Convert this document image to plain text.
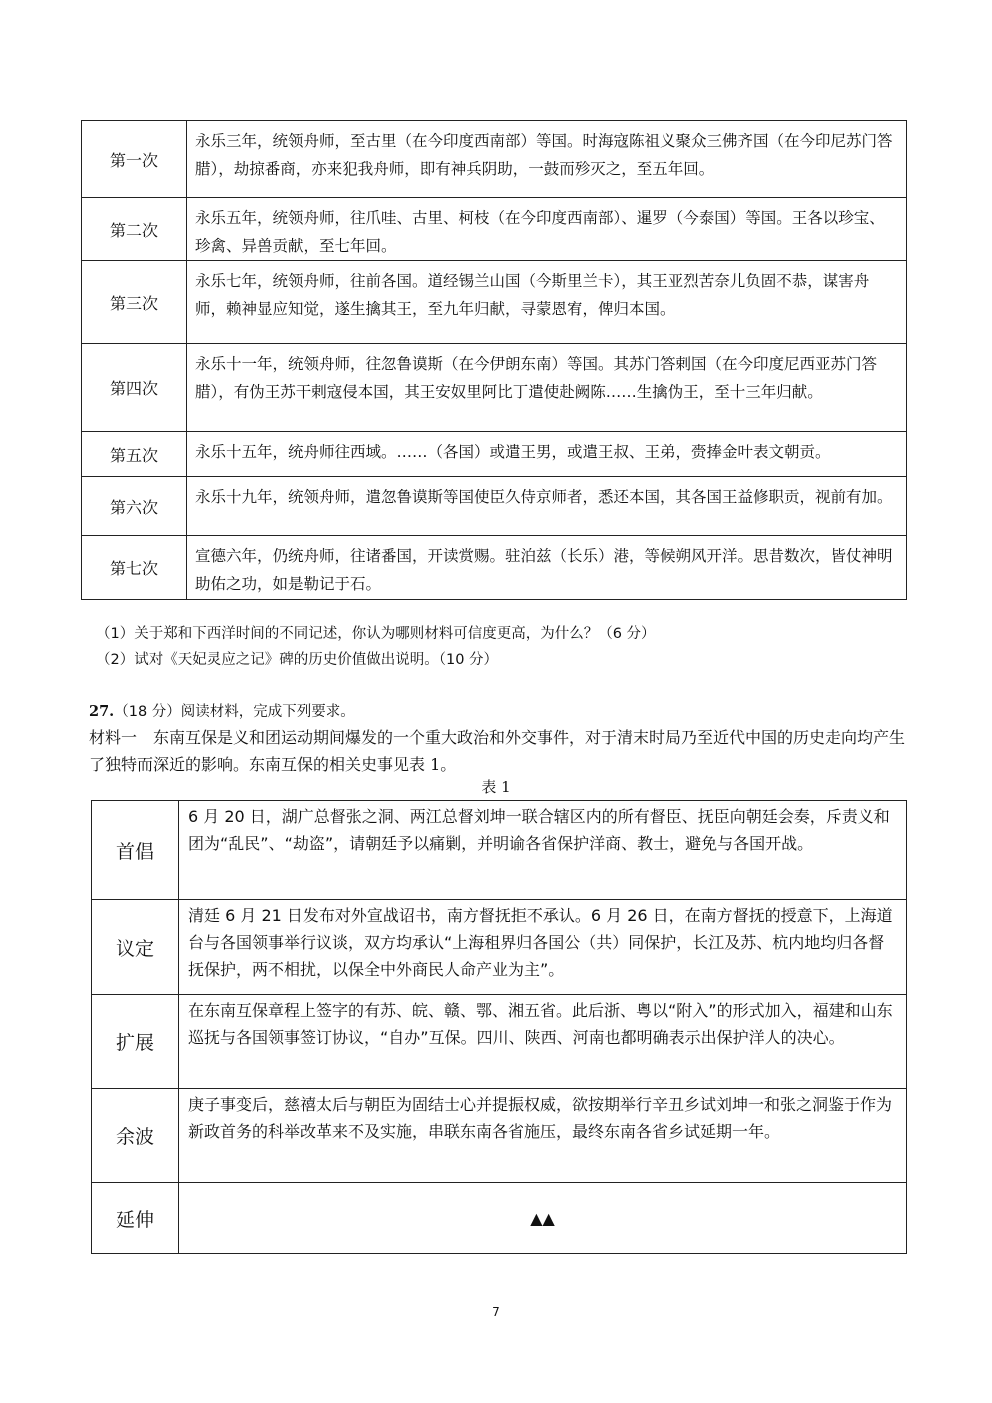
第一次	永乐三年，统领舟师，至古里（在今印度西南部）等国。时海寇陈祖义聚众三佛齐国（在今印尼苏门答腊），劫掠番商，亦来犯我舟师，即有神兵阴助，一鼓而殄灭之，至五年回。
第二次	永乐五年，统领舟师，往爪哇、古里、柯枝（在今印度西南部）、暹罗（今泰国）等国。王各以珍宝、珍禽、异兽贡献，至七年回。
第三次	永乐七年，统领舟师，往前各国。道经锡兰山国（今斯里兰卡），其王亚烈苦奈儿负固不恭，谋害舟师，赖神显应知觉，遂生擒其王，至九年归献，寻蒙恩宥，俾归本国。
第四次	永乐十一年，统领舟师，往忽鲁谟斯（在今伊朗东南）等国。其苏门答剌国（在今印度尼西亚苏门答腊），有伪王苏干剌寇侵本国，其王安奴里阿比丁遣使赴阙陈……生擒伪王，至十三年归献。
第五次	永乐十五年，统舟师往西域。……（各国）或遣王男，或遣王叔、王弟，赍捧金叶表文朝贡。
第六次	永乐十九年，统领舟师，遣忽鲁谟斯等国使臣久侍京师者，悉还本国，其各国王益修职贡，视前有加。
第七次	宣德六年，仍统舟师，往诸番国，开读赏赐。驻泊兹（长乐）港，等候朔风开洋。思昔数次，皆仗神明助佑之功，如是勒记于石。
（1）关于郑和下西洋时间的不同记述，你认为哪则材料可信度更高，为什么？（6 分）
（2）试对《天妃灵应之记》碑的历史价值做出说明。（10 分）
27.（18 分）阅读材料，完成下列要求。
材料一　东南互保是义和团运动期间爆发的一个重大政治和外交事件，对于清末时局乃至近代中国的历史走向均产生了独特而深近的影响。东南互保的相关史事见表 1。
表 1
首倡	6 月 20 日，湖广总督张之洞、两江总督刘坤一联合辖区内的所有督臣、抚臣向朝廷会奏，斥责义和团为“乱民”、“劫盗”，请朝廷予以痛剿，并明谕各省保护洋商、教士，避免与各国开战。
议定	清廷 6 月 21 日发布对外宣战诏书，南方督抚拒不承认。6 月 26 日，在南方督抚的授意下，上海道台与各国领事举行议谈，双方均承认“上海租界归各国公（共）同保护，长江及苏、杭内地均归各督抚保护，两不相扰，以保全中外商民人命产业为主”。
扩展	在东南互保章程上签字的有苏、皖、赣、鄂、湘五省。此后浙、粤以“附入”的形式加入，福建和山东巡抚与各国领事签订协议，“自办”互保。四川、陕西、河南也都明确表示出保护洋人的决心。
余波	庚子事变后，慈禧太后与朝臣为固结士心并提振权威，欲按期举行辛丑乡试刘坤一和张之洞鉴于作为新政首务的科举改革来不及实施，串联东南各省施压，最终东南各省乡试延期一年。
延伸	▲▲
7
